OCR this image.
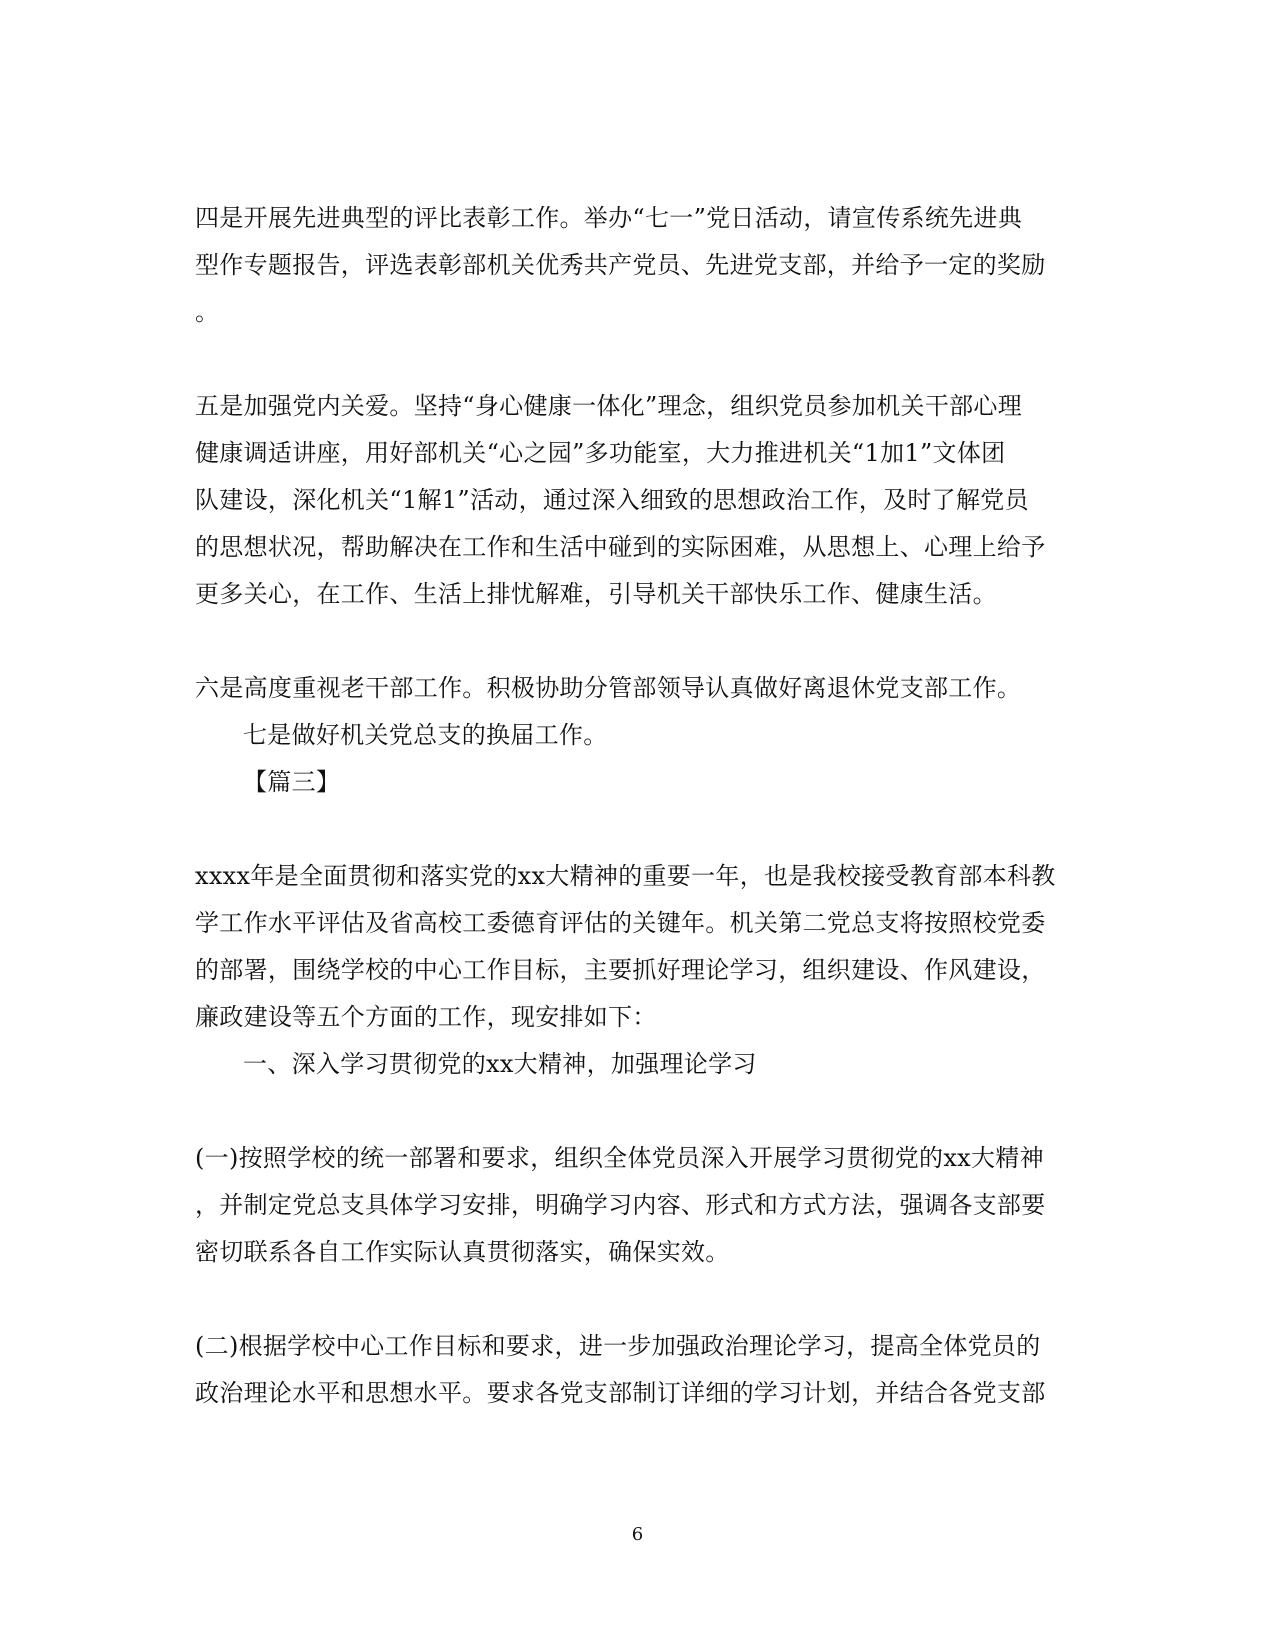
四是开展先进典型的评比表彰工作。举办“七一”党日活动，请宣传系统先进典
型作专题报告，评选表彰部机关优秀共产党员、先进党支部，并给予一定的奖励
。
五是加强党内关爱。坚持“身心健康一体化”理念，组织党员参加机关干部心理
健康调适讲座，用好部机关“心之园”多功能室，大力推进机关“1加1”文体团
队建设，深化机关“1解1”活动，通过深入细致的思想政治工作，及时了解党员
的思想状况，帮助解决在工作和生活中碰到的实际困难，从思想上、心理上给予
更多关心，在工作、生活上排忧解难，引导机关干部快乐工作、健康生活。
六是高度重视老干部工作。积极协助分管部领导认真做好离退休党支部工作。
七是做好机关党总支的换届工作。
【篇三】
xxxx年是全面贯彻和落实党的xx大精神的重要一年，也是我校接受教育部本科教
学工作水平评估及省高校工委德育评估的关键年。机关第二党总支将按照校党委
的部署，围绕学校的中心工作目标，主要抓好理论学习，组织建设、作风建设，
廉政建设等五个方面的工作，现安排如下：
一、深入学习贯彻党的xx大精神，加强理论学习
(一)按照学校的统一部署和要求，组织全体党员深入开展学习贯彻党的xx大精神
，并制定党总支具体学习安排，明确学习内容、形式和方式方法，强调各支部要
密切联系各自工作实际认真贯彻落实，确保实效。
(二)根据学校中心工作目标和要求，进一步加强政治理论学习，提高全体党员的
政治理论水平和思想水平。要求各党支部制订详细的学习计划，并结合各党支部
6
